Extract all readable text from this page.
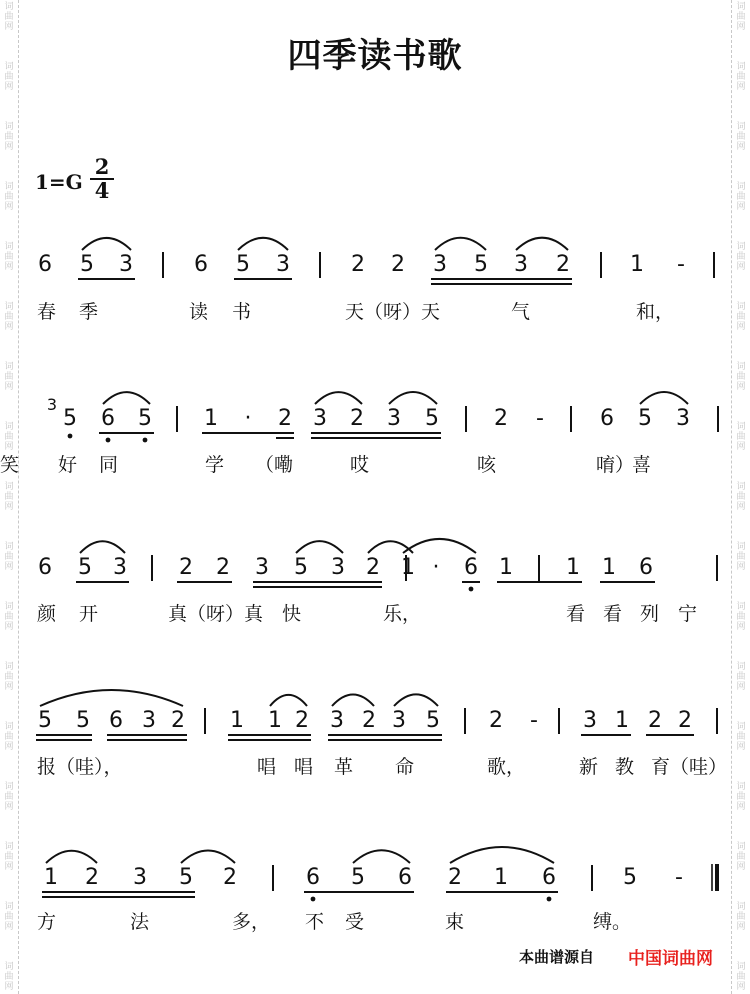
词
曲
网
词
曲
网
词
曲
网
词
曲
网
词
曲
网
词
曲
网
词
曲
网
词
曲
网
词
曲
网
词
曲
网
词
曲
网
词
曲
网
词
曲
网
词
曲
网
词
曲
网
词
曲
网
词
曲
网
词
曲
网
词
曲
网
词
曲
网
词
曲
网
词
曲
网
词
曲
网
词
曲
网
词
曲
网
词
曲
网
词
曲
网
词
曲
网
词
曲
网
词
曲
网
词
曲
网
词
曲
网
词
曲
网
词
曲
网
四季读书歌
1=G
2
4
6 5 3	6 5 3	2 2 3 5 3 2	1 -
春 季	读 书	天（呀）天	气	和，
5 6 5 1 · 2 3 2 3 5	2 -	6 5 3
3
好 同	学 （嘞	哎	咳	唷）
喜
笑
6 5 3 2 2 3 5 3 2 1 · 6 1 1 1 6
颜 开	真（呀）真 快	乐，	看 看 列 宁
5 5 6 3 2 1 1 2 3 2 3 5 2 - 3 1 2 2
报（哇），	唱 唱 革 命	歌，	新 教 育（哇）
1 2 3 5 2	6 5 6 2 1 6	5 -
方	法	多， 不 受	束	缚。
本曲谱源自 中国词曲网
